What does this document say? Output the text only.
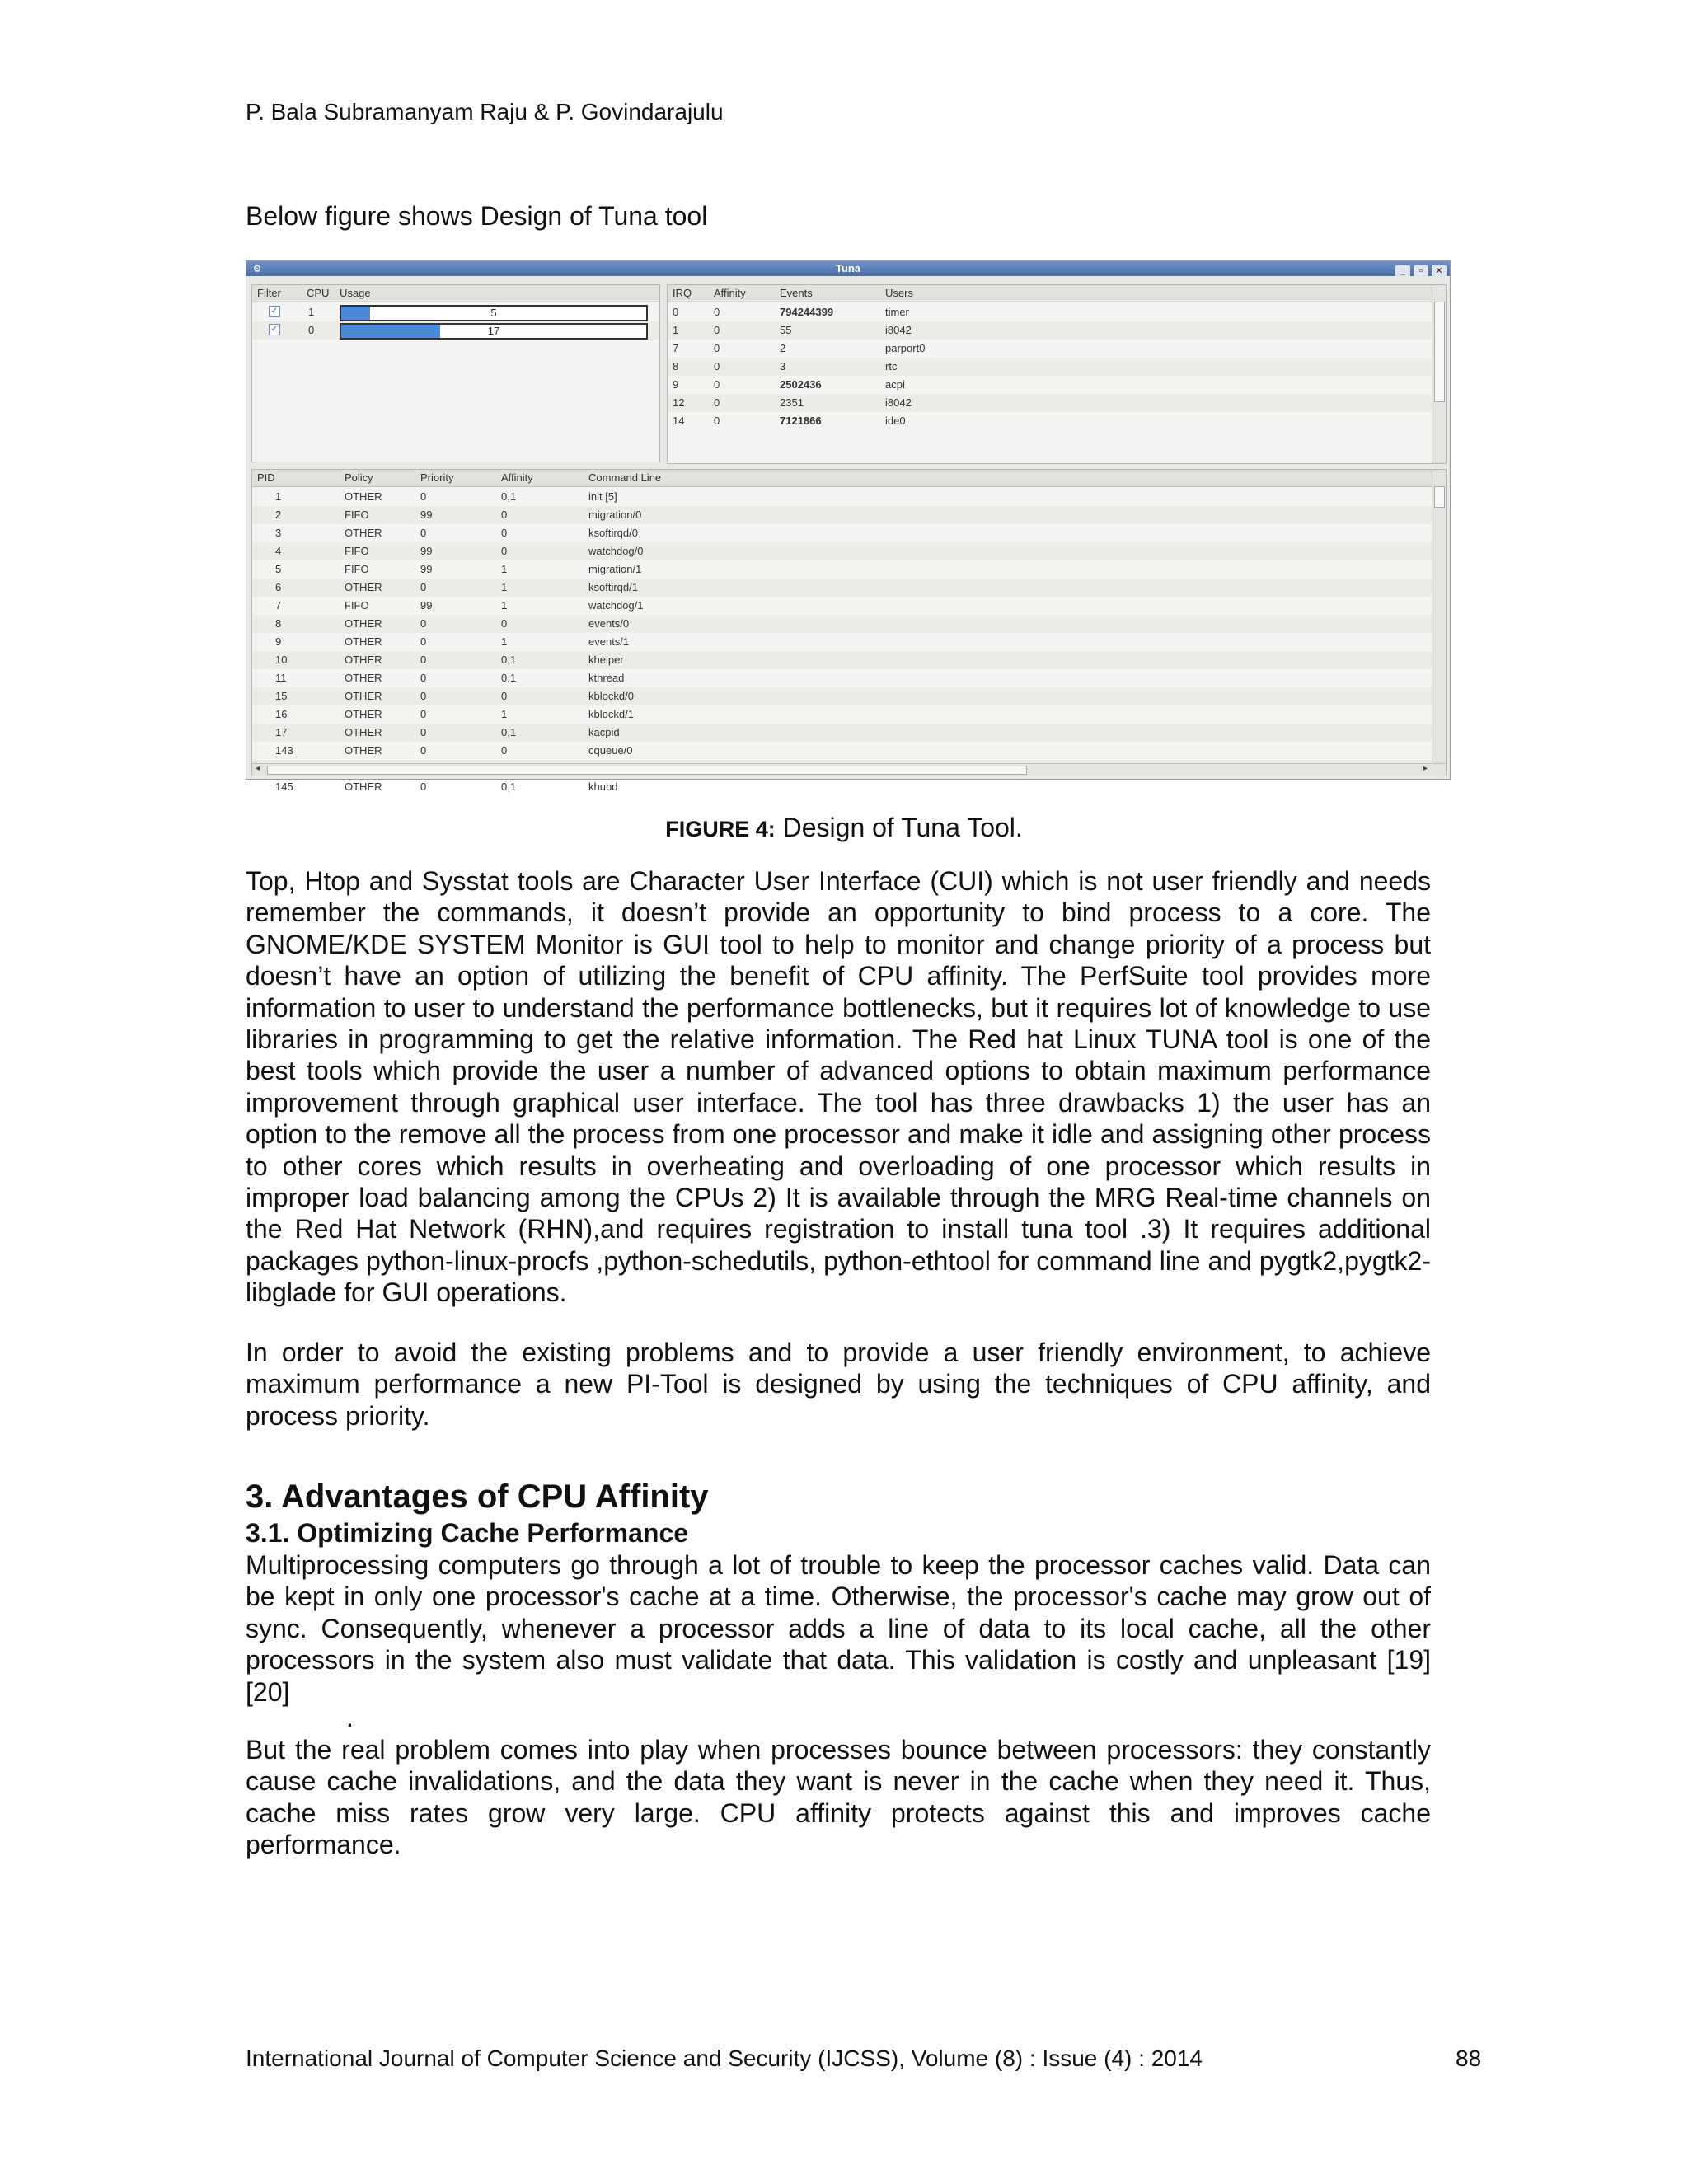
P. Bala Subramanyam Raju & P. Govindarajulu
Below figure shows Design of Tuna tool
⚙	Tuna	_ ▫ ✕
Filter CPU Usage
✓	1	5
✓	0	17
IRQ Affinity	Events	Users
0	0	794244399	timer
1	0	55	i8042
7	0	2	parport0
8	0	3	rtc
9	0	2502436	acpi
12	0	2351	i8042
14	0	7121866	ide0
PID	Policy	Priority	Affinity	Command Line
1	OTHER	0	0,1	init [5]
2	FIFO	99	0	migration/0
3	OTHER	0	0	ksoftirqd/0
4	FIFO	99	0	watchdog/0
5	FIFO	99	1	migration/1
6	OTHER	0	1	ksoftirqd/1
7	FIFO	99	1	watchdog/1
8	OTHER	0	0	events/0
9	OTHER	0	1	events/1
10	OTHER	0	0,1	khelper
11	OTHER	0	0,1	kthread
15	OTHER	0	0	kblockd/0
16	OTHER	0	1	kblockd/1
17	OTHER	0	0,1	kacpid
143	OTHER	0	0	cqueue/0
145	OTHER	0	0,1	khubd
◂	▸
FIGURE 4: Design of Tuna Tool.
Top, Htop and Sysstat tools are Character User Interface (CUI) which is not user friendly and needs remember the commands, it doesn’t provide an opportunity to bind process to a core. The GNOME/KDE SYSTEM Monitor is GUI tool to help to monitor and change priority of a process but doesn’t have an option of utilizing the benefit of CPU affinity. The PerfSuite tool provides more information to user to understand the performance bottlenecks, but it requires lot of knowledge to use libraries in programming to get the relative information. The Red hat Linux TUNA tool is one of the best tools which provide the user a number of advanced options to obtain maximum performance improvement through graphical user interface. The tool has three drawbacks 1) the user has an option to the remove all the process from one processor and make it idle and assigning other process to other cores which results in overheating and overloading of one processor which results in improper load balancing among the CPUs 2) It is available through the MRG Real-time channels on the Red Hat Network (RHN),and requires registration to install tuna tool .3) It requires additional packages python-linux-procfs ,python-schedutils, python-ethtool for command line and pygtk2,pygtk2-libglade for GUI operations.
In order to avoid the existing problems and to provide a user friendly environment, to achieve maximum performance a new PI-Tool is designed by using the techniques of CPU affinity, and process priority.
3. Advantages of CPU Affinity
3.1. Optimizing Cache Performance
Multiprocessing computers go through a lot of trouble to keep the processor caches valid. Data can be kept in only one processor's cache at a time. Otherwise, the processor's cache may grow out of sync. Consequently, whenever a processor adds a line of data to its local cache, all the other processors in the system also must validate that data. This validation is costly and unpleasant [19][20]
.
But the real problem comes into play when processes bounce between processors: they constantly cause cache invalidations, and the data they want is never in the cache when they need it. Thus, cache miss rates grow very large. CPU affinity protects against this and improves cache performance.
International Journal of Computer Science and Security (IJCSS), Volume (8) : Issue (4) : 2014	88
